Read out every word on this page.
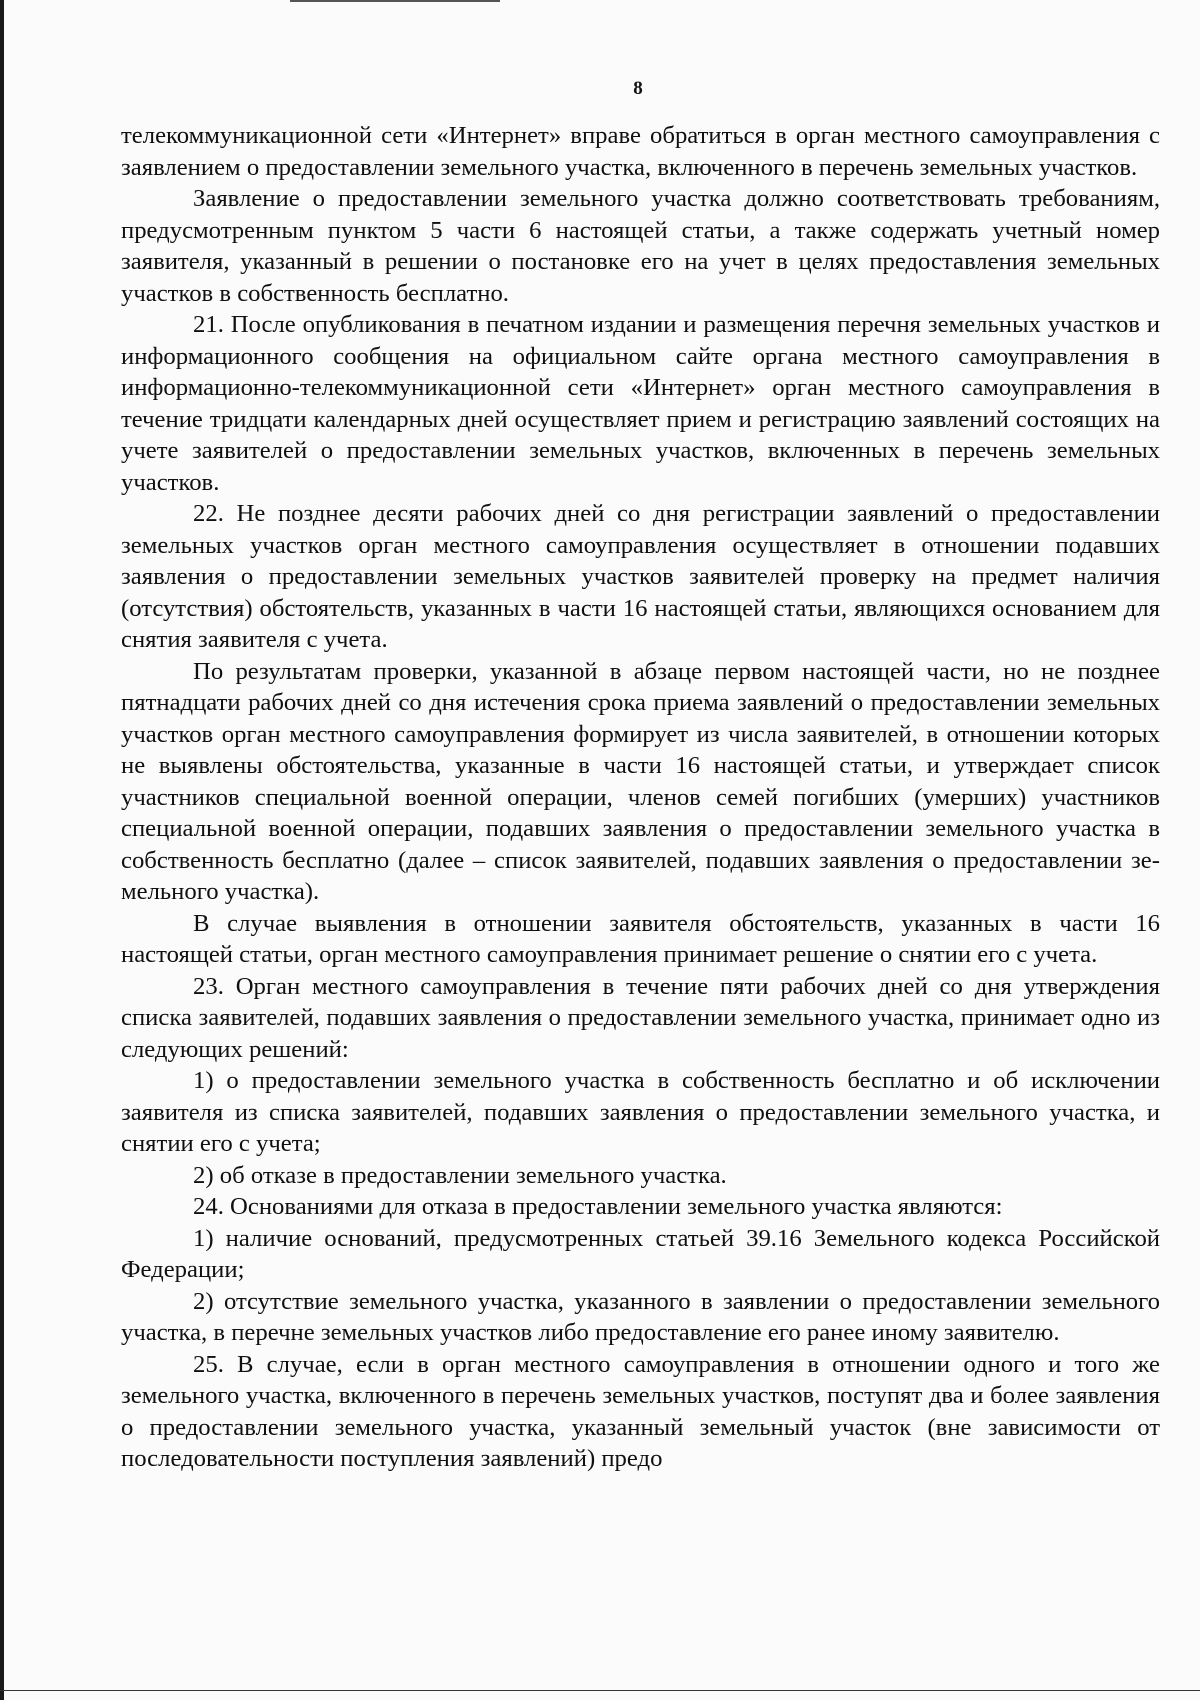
8

телекоммуникационной сети «Интернет» вправе обратиться в орган местного самоуправления с заявлением о предоставлении земельного участка, включенного в перечень земельных участков.

Заявление о предоставлении земельного участка должно соответствовать требованиям, предусмотренным пунктом 5 части 6 настоящей статьи, а также содержать учетный номер заявителя, указанный в решении о постановке его на учет в целях предоставления земельных участков в собственность бесплатно.

21. После опубликования в печатном издании и размещения перечня земельных участков и информационного сообщения на официальном сайте органа местного самоуправления в информационно-телекоммуникационной сети «Интернет» орган местного самоуправления в течение тридцати календарных дней осуществляет прием и регистрацию заявлений состоящих на учете заявителей о предоставлении земельных участков, включенных в перечень земельных участков.

22. Не позднее десяти рабочих дней со дня регистрации заявлений о предоставлении земельных участков орган местного самоуправления осуществляет в отношении подавших заявления о предоставлении земельных участков заявителей проверку на предмет наличия (отсутствия) обстоятельств, указанных в части 16 настоящей статьи, являющихся основанием для снятия заявителя с учета.

По результатам проверки, указанной в абзаце первом настоящей части, но не позднее пятнадцати рабочих дней со дня истечения срока приема заявлений о предоставлении земельных участков орган местного самоуправления формирует из числа заявителей, в отношении которых не выявлены обстоятельства, указанные в части 16 настоящей статьи, и утверждает список участников специальной военной операции, членов семей погибших (умерших) участников специальной военной операции, подавших заявления о предоставлении земельного участка в собственность бесплатно (далее – список заявителей, подавших заявления о предоставлении земельного участка).

В случае выявления в отношении заявителя обстоятельств, указанных в части 16 настоящей статьи, орган местного самоуправления принимает решение о снятии его с учета.

23. Орган местного самоуправления в течение пяти рабочих дней со дня утверждения списка заявителей, подавших заявления о предоставлении земельного участка, принимает одно из следующих решений:

1) о предоставлении земельного участка в собственность бесплатно и об исключении заявителя из списка заявителей, подавших заявления о предоставлении земельного участка, и снятии его с учета;

2) об отказе в предоставлении земельного участка.

24. Основаниями для отказа в предоставлении земельного участка являются:

1) наличие оснований, предусмотренных статьей 39.16 Земельного кодекса Российской Федерации;

2) отсутствие земельного участка, указанного в заявлении о предоставлении земельного участка, в перечне земельных участков либо предоставление его ранее иному заявителю.

25. В случае, если в орган местного самоуправления в отношении одного и того же земельного участка, включенного в перечень земельных участков, поступят два и более заявления о предоставлении земельного участка, указанный земельный участок (вне зависимости от последовательности поступления заявлений) предо
